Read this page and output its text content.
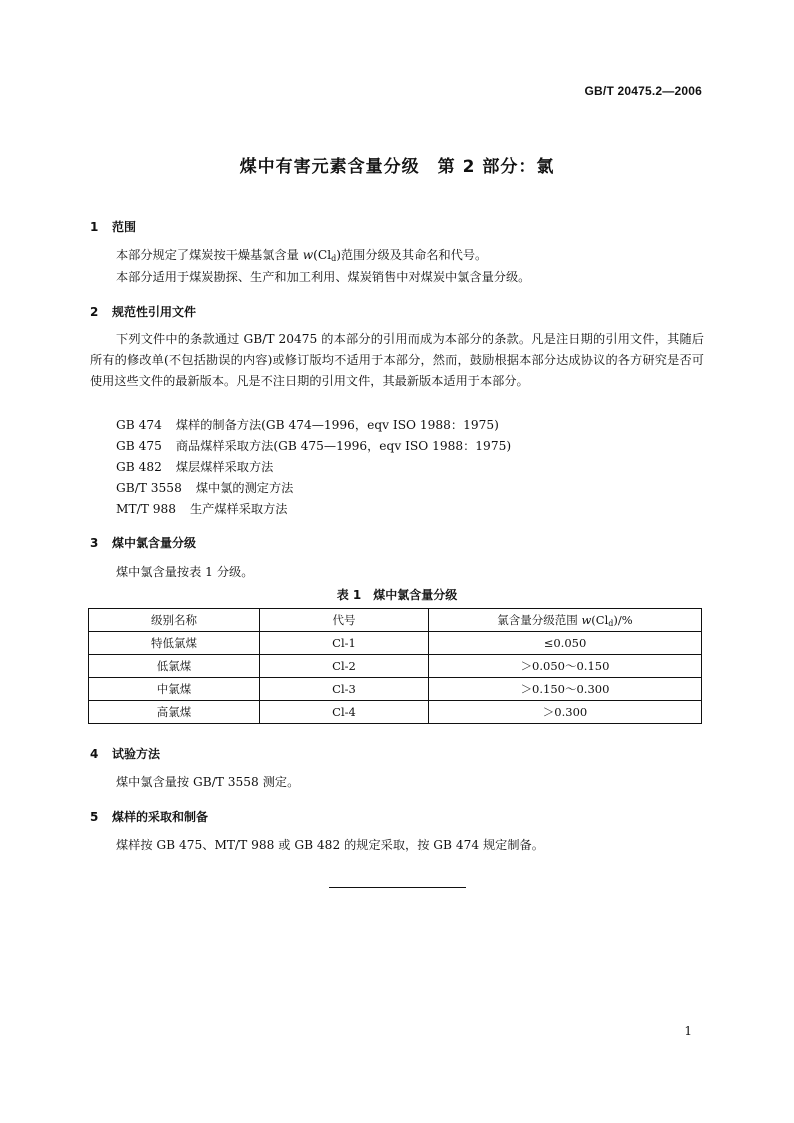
GB/T 20475.2—2006
煤中有害元素含量分级　第 2 部分：氯
1 范围
本部分规定了煤炭按干燥基氯含量 $w(Cl_d)$范围分级及其命名和代号。
本部分适用于煤炭勘探、生产和加工利用、煤炭销售中对煤炭中氯含量分级。
2 规范性引用文件
下列文件中的条款通过 GB/T 20475 的本部分的引用而成为本部分的条款。凡是注日期的引用文件，其随后所有的修改单(不包括勘误的内容)或修订版均不适用于本部分，然而，鼓励根据本部分达成协议的各方研究是否可使用这些文件的最新版本。凡是不注日期的引用文件，其最新版本适用于本部分。
GB 474 煤样的制备方法(GB 474—1996，eqv ISO 1988：1975)
GB 475 商品煤样采取方法(GB 475—1996，eqv ISO 1988：1975)
GB 482 煤层煤样采取方法
GB/T 3558 煤中氯的测定方法
MT/T 988 生产煤样采取方法
3 煤中氯含量分级
煤中氯含量按表 1 分级。
表 1　煤中氯含量分级
级别名称	代号	氯含量分级范围 $w(Cl_d)/\%$
特低氯煤	Cl-1	≤0.050
低氯煤	Cl-2	＞0.050～0.150
中氯煤	Cl-3	＞0.150～0.300
高氯煤	Cl-4	＞0.300
4 试验方法
煤中氯含量按 GB/T 3558 测定。
5 煤样的采取和制备
煤样按 GB 475、MT/T 988 或 GB 482 的规定采取，按 GB 474 规定制备。
1
